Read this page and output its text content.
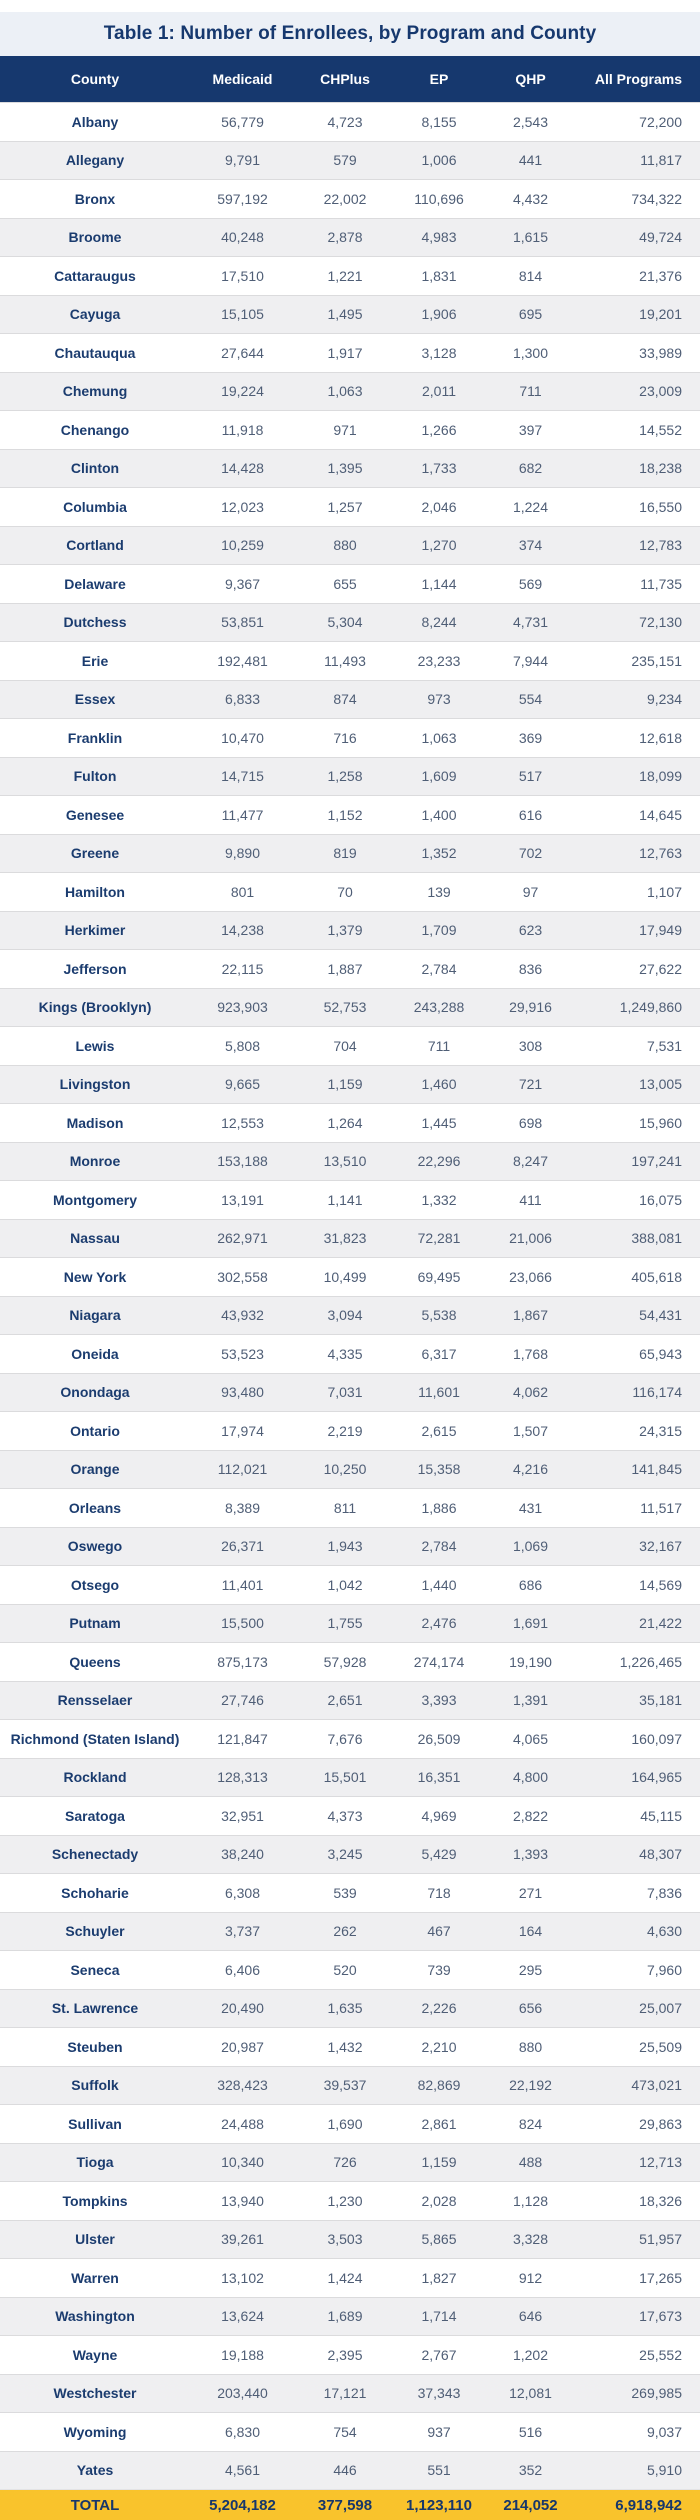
Table 1: Number of Enrollees, by Program and County
County	Medicaid	CHPlus	EP	QHP	All Programs
Albany	56,779	4,723	8,155	2,543	72,200
Allegany	9,791	579	1,006	441	11,817
Bronx	597,192	22,002	110,696	4,432	734,322
Broome	40,248	2,878	4,983	1,615	49,724
Cattaraugus	17,510	1,221	1,831	814	21,376
Cayuga	15,105	1,495	1,906	695	19,201
Chautauqua	27,644	1,917	3,128	1,300	33,989
Chemung	19,224	1,063	2,011	711	23,009
Chenango	11,918	971	1,266	397	14,552
Clinton	14,428	1,395	1,733	682	18,238
Columbia	12,023	1,257	2,046	1,224	16,550
Cortland	10,259	880	1,270	374	12,783
Delaware	9,367	655	1,144	569	11,735
Dutchess	53,851	5,304	8,244	4,731	72,130
Erie	192,481	11,493	23,233	7,944	235,151
Essex	6,833	874	973	554	9,234
Franklin	10,470	716	1,063	369	12,618
Fulton	14,715	1,258	1,609	517	18,099
Genesee	11,477	1,152	1,400	616	14,645
Greene	9,890	819	1,352	702	12,763
Hamilton	801	70	139	97	1,107
Herkimer	14,238	1,379	1,709	623	17,949
Jefferson	22,115	1,887	2,784	836	27,622
Kings (Brooklyn)	923,903	52,753	243,288	29,916	1,249,860
Lewis	5,808	704	711	308	7,531
Livingston	9,665	1,159	1,460	721	13,005
Madison	12,553	1,264	1,445	698	15,960
Monroe	153,188	13,510	22,296	8,247	197,241
Montgomery	13,191	1,141	1,332	411	16,075
Nassau	262,971	31,823	72,281	21,006	388,081
New York	302,558	10,499	69,495	23,066	405,618
Niagara	43,932	3,094	5,538	1,867	54,431
Oneida	53,523	4,335	6,317	1,768	65,943
Onondaga	93,480	7,031	11,601	4,062	116,174
Ontario	17,974	2,219	2,615	1,507	24,315
Orange	112,021	10,250	15,358	4,216	141,845
Orleans	8,389	811	1,886	431	11,517
Oswego	26,371	1,943	2,784	1,069	32,167
Otsego	11,401	1,042	1,440	686	14,569
Putnam	15,500	1,755	2,476	1,691	21,422
Queens	875,173	57,928	274,174	19,190	1,226,465
Rensselaer	27,746	2,651	3,393	1,391	35,181
Richmond (Staten Island)	121,847	7,676	26,509	4,065	160,097
Rockland	128,313	15,501	16,351	4,800	164,965
Saratoga	32,951	4,373	4,969	2,822	45,115
Schenectady	38,240	3,245	5,429	1,393	48,307
Schoharie	6,308	539	718	271	7,836
Schuyler	3,737	262	467	164	4,630
Seneca	6,406	520	739	295	7,960
St. Lawrence	20,490	1,635	2,226	656	25,007
Steuben	20,987	1,432	2,210	880	25,509
Suffolk	328,423	39,537	82,869	22,192	473,021
Sullivan	24,488	1,690	2,861	824	29,863
Tioga	10,340	726	1,159	488	12,713
Tompkins	13,940	1,230	2,028	1,128	18,326
Ulster	39,261	3,503	5,865	3,328	51,957
Warren	13,102	1,424	1,827	912	17,265
Washington	13,624	1,689	1,714	646	17,673
Wayne	19,188	2,395	2,767	1,202	25,552
Westchester	203,440	17,121	37,343	12,081	269,985
Wyoming	6,830	754	937	516	9,037
Yates	4,561	446	551	352	5,910
TOTAL	5,204,182	377,598	1,123,110	214,052	6,918,942
